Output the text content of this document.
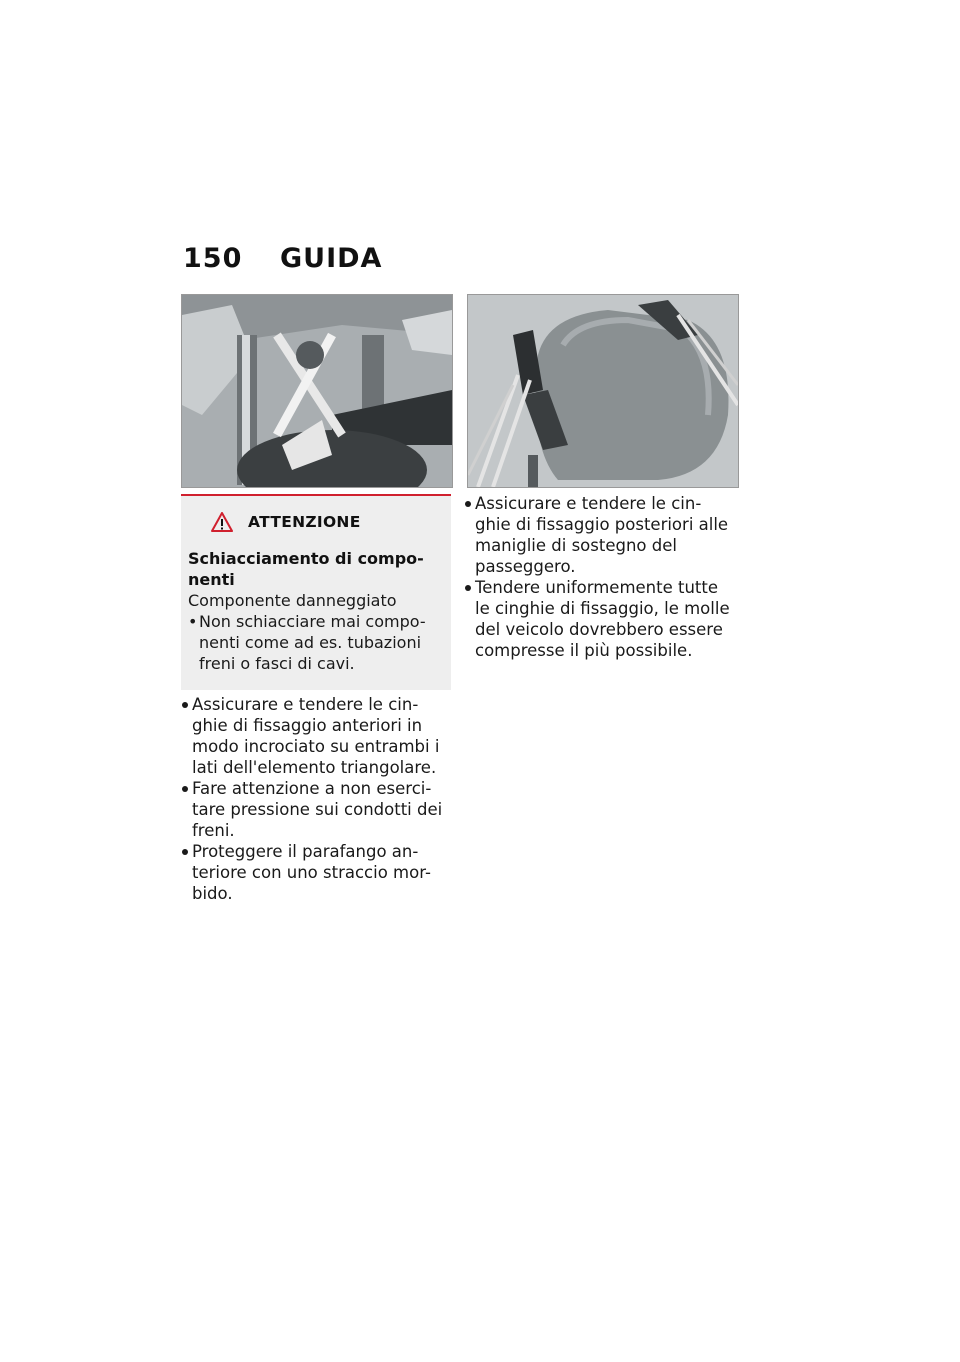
150	GUIDA
ATTENZIONE
Schiacciamento di compo-nenti
Componente danneggiato
• Non schiacciare mai compo-nenti come ad es. tubazioni freni o fasci di cavi.

Assicurare e tendere le cin-ghie di fissaggio anteriori in modo incrociato su entrambi i lati dell'elemento triangolare.

Fare attenzione a non eserci-tare pressione sui condotti dei freni.

Proteggere il parafango an-teriore con uno straccio mor-bido.

Assicurare e tendere le cin-ghie di fissaggio posteriori alle maniglie di sostegno del passeggero.

Tendere uniformemente tutte le cinghie di fissaggio, le molle del veicolo dovrebbero essere compresse il più possibile.
